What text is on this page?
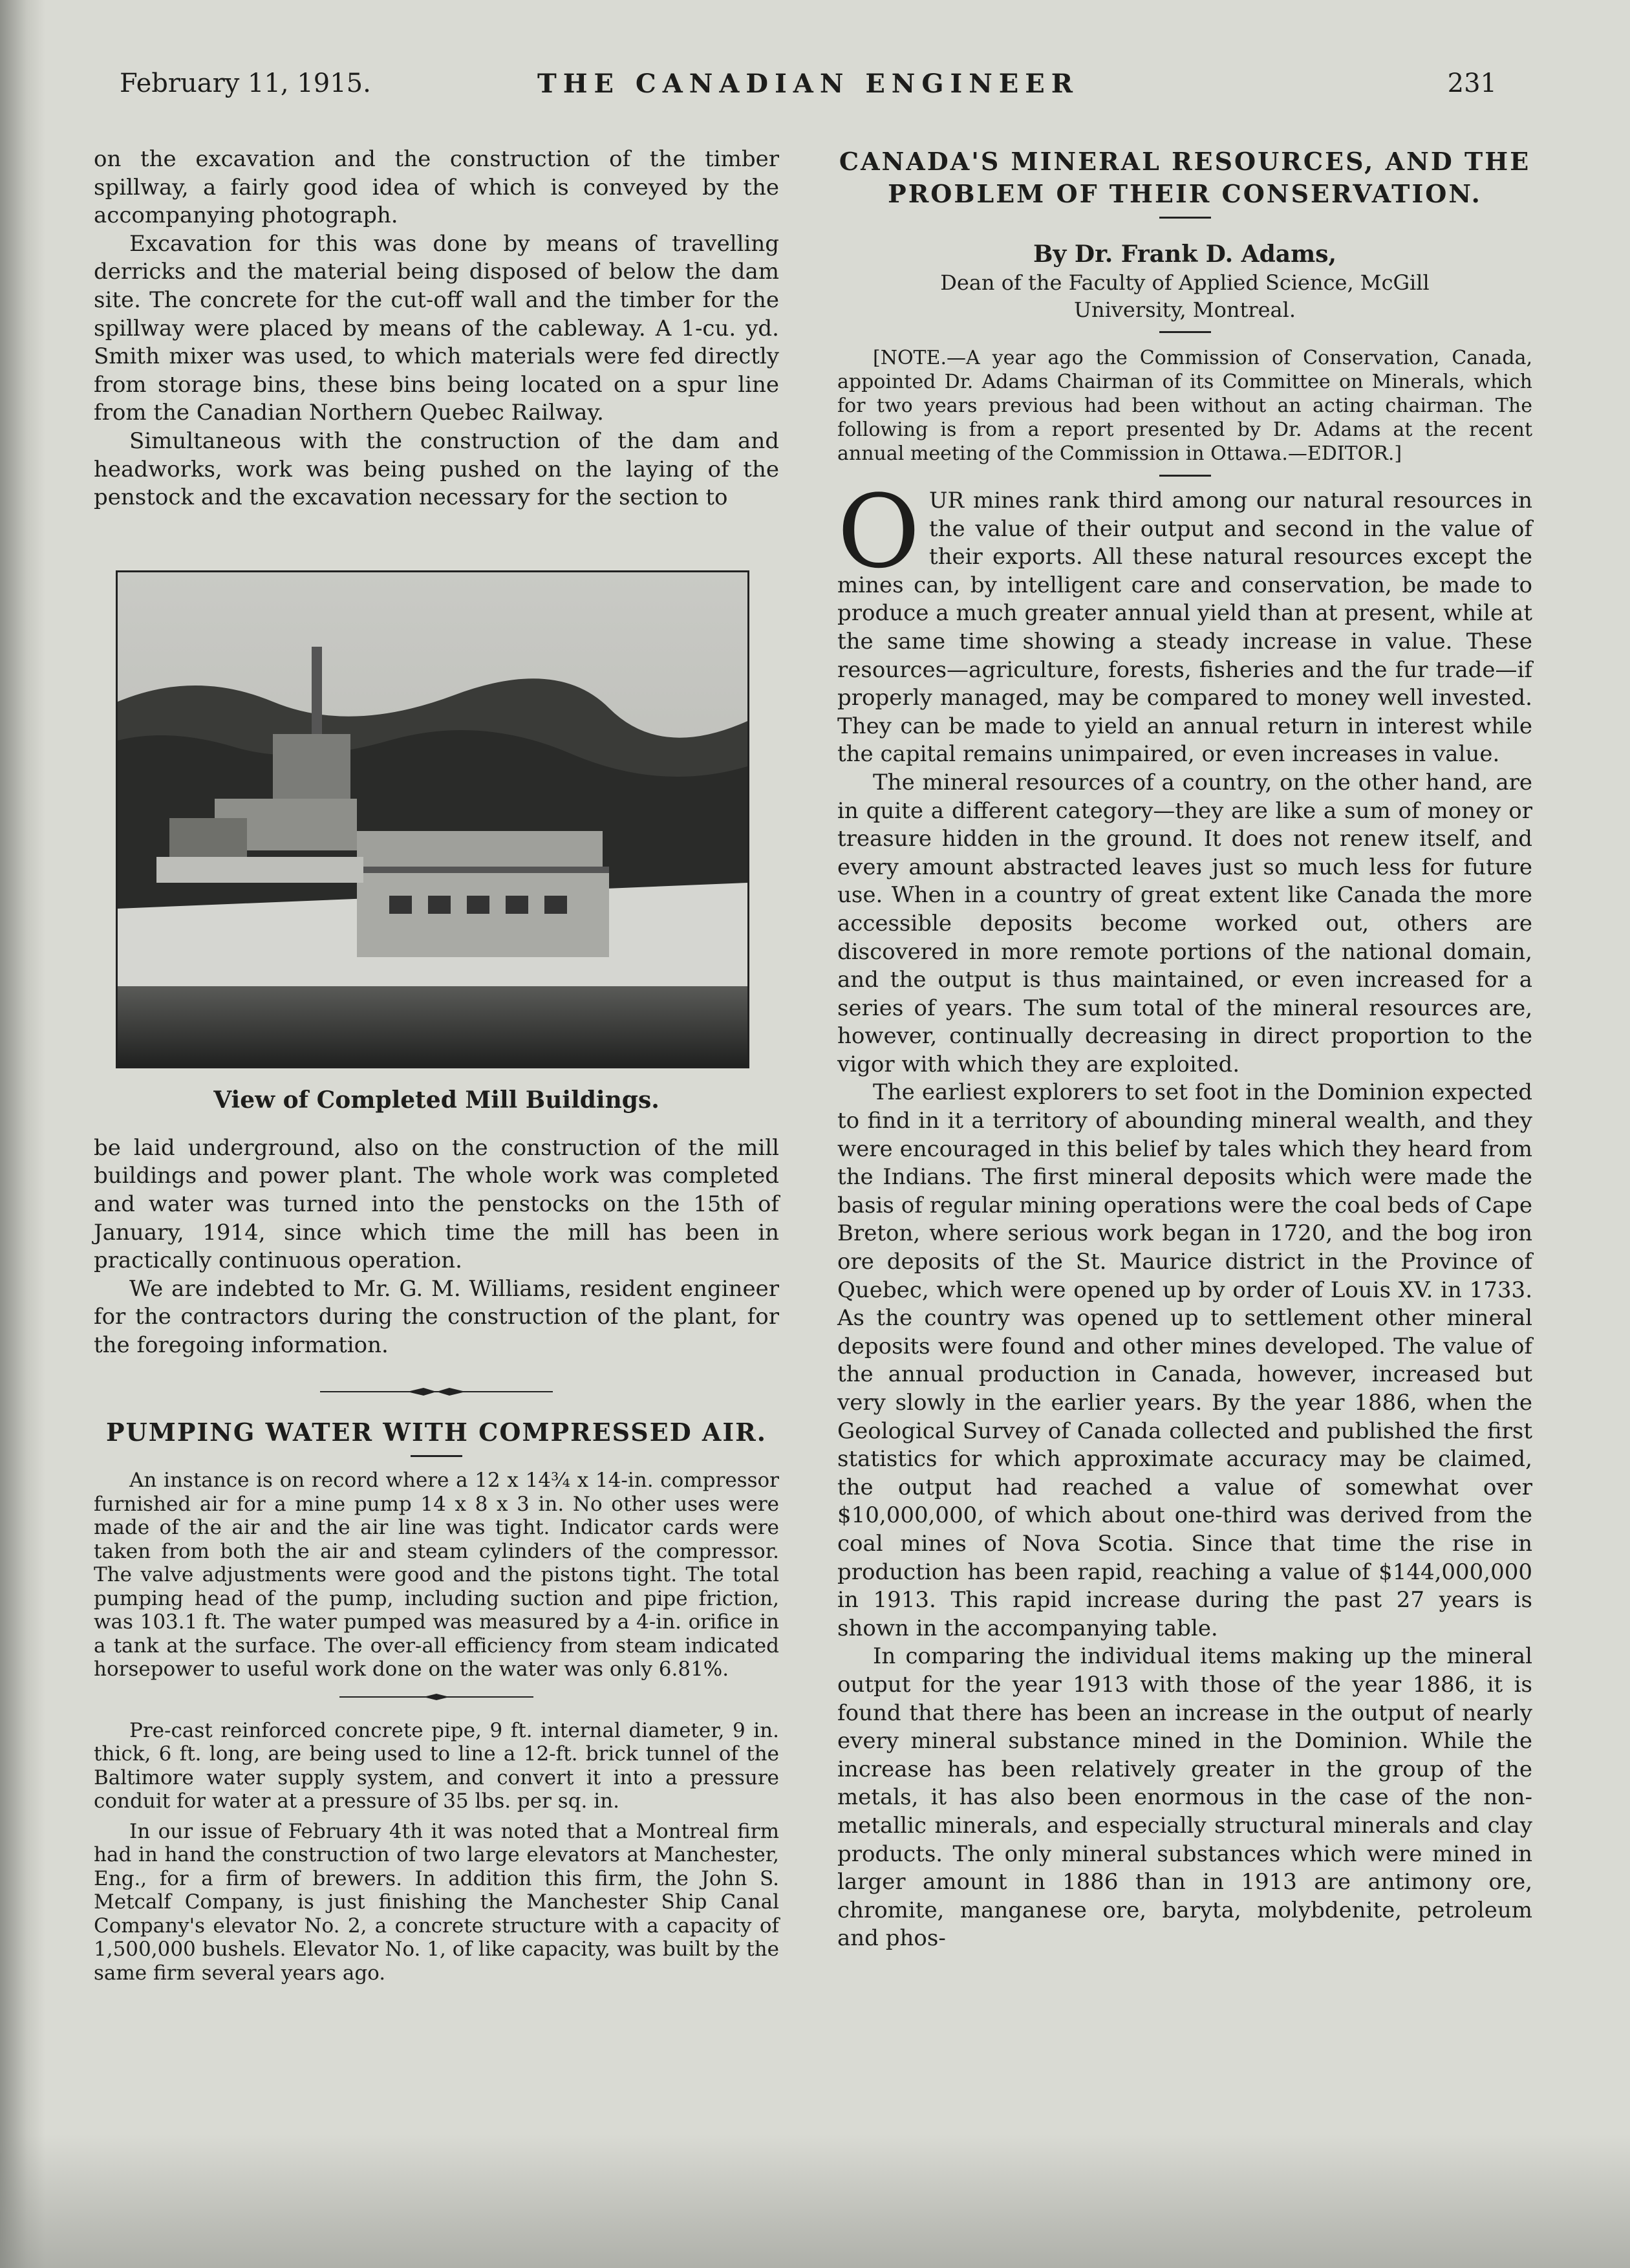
February 11, 1915.	THE CANADIAN ENGINEER	231

on the excavation and the construction of the timber spillway, a fairly good idea of which is conveyed by the accompanying photograph.

Excavation for this was done by means of travelling derricks and the material being disposed of below the dam site. The concrete for the cut-off wall and the timber for the spillway were placed by means of the cableway. A 1-cu. yd. Smith mixer was used, to which materials were fed directly from storage bins, these bins being located on a spur line from the Canadian Northern Quebec Railway.

Simultaneous with the construction of the dam and headworks, work was being pushed on the laying of the penstock and the excavation necessary for the section to

View of Completed Mill Buildings.

be laid underground, also on the construction of the mill buildings and power plant. The whole work was completed and water was turned into the penstocks on the 15th of January, 1914, since which time the mill has been in practically continuous operation.

We are indebted to Mr. G. M. Williams, resident engineer for the contractors during the construction of the plant, for the foregoing information.

PUMPING WATER WITH COMPRESSED AIR.

An instance is on record where a 12 x 14¾ x 14-in. compressor furnished air for a mine pump 14 x 8 x 3 in. No other uses were made of the air and the air line was tight. Indicator cards were taken from both the air and steam cylinders of the compressor. The valve adjustments were good and the pistons tight. The total pumping head of the pump, including suction and pipe friction, was 103.1 ft. The water pumped was measured by a 4-in. orifice in a tank at the surface. The over-all efficiency from steam indicated horsepower to useful work done on the water was only 6.81%.

Pre-cast reinforced concrete pipe, 9 ft. internal diameter, 9 in. thick, 6 ft. long, are being used to line a 12-ft. brick tunnel of the Baltimore water supply system, and convert it into a pressure conduit for water at a pressure of 35 lbs. per sq. in.

In our issue of February 4th it was noted that a Montreal firm had in hand the construction of two large elevators at Manchester, Eng., for a firm of brewers. In addition this firm, the John S. Metcalf Company, is just finishing the Manchester Ship Canal Company's elevator No. 2, a concrete structure with a capacity of 1,500,000 bushels. Elevator No. 1, of like capacity, was built by the same firm several years ago.

CANADA'S MINERAL RESOURCES, AND THE
PROBLEM OF THEIR CONSERVATION.
By Dr. Frank D. Adams,
Dean of the Faculty of Applied Science, McGill
University, Montreal.

[NOTE.—A year ago the Commission of Conservation, Canada, appointed Dr. Adams Chairman of its Committee on Minerals, which for two years previous had been without an acting chairman. The following is from a report presented by Dr. Adams at the recent annual meeting of the Commission in Ottawa.—EDITOR.]

OUR mines rank third among our natural resources in the value of their output and second in the value of their exports. All these natural resources except the mines can, by intelligent care and conservation, be made to produce a much greater annual yield than at present, while at the same time showing a steady increase in value. These resources—agriculture, forests, fisheries and the fur trade—if properly managed, may be compared to money well invested. They can be made to yield an annual return in interest while the capital remains unimpaired, or even increases in value.

The mineral resources of a country, on the other hand, are in quite a different category—they are like a sum of money or treasure hidden in the ground. It does not renew itself, and every amount abstracted leaves just so much less for future use. When in a country of great extent like Canada the more accessible deposits become worked out, others are discovered in more remote portions of the national domain, and the output is thus maintained, or even increased for a series of years. The sum total of the mineral resources are, however, continually decreasing in direct proportion to the vigor with which they are exploited.

The earliest explorers to set foot in the Dominion expected to find in it a territory of abounding mineral wealth, and they were encouraged in this belief by tales which they heard from the Indians. The first mineral deposits which were made the basis of regular mining operations were the coal beds of Cape Breton, where serious work began in 1720, and the bog iron ore deposits of the St. Maurice district in the Province of Quebec, which were opened up by order of Louis XV. in 1733. As the country was opened up to settlement other mineral deposits were found and other mines developed. The value of the annual production in Canada, however, increased but very slowly in the earlier years. By the year 1886, when the Geological Survey of Canada collected and published the first statistics for which approximate accuracy may be claimed, the output had reached a value of somewhat over $10,000,000, of which about one-third was derived from the coal mines of Nova Scotia. Since that time the rise in production has been rapid, reaching a value of $144,000,000 in 1913. This rapid increase during the past 27 years is shown in the accompanying table.

In comparing the individual items making up the mineral output for the year 1913 with those of the year 1886, it is found that there has been an increase in the output of nearly every mineral substance mined in the Dominion. While the increase has been relatively greater in the group of the metals, it has also been enormous in the case of the non-metallic minerals, and especially structural minerals and clay products. The only mineral substances which were mined in larger amount in 1886 than in 1913 are antimony ore, chromite, manganese ore, baryta, molybdenite, petroleum and phos-
